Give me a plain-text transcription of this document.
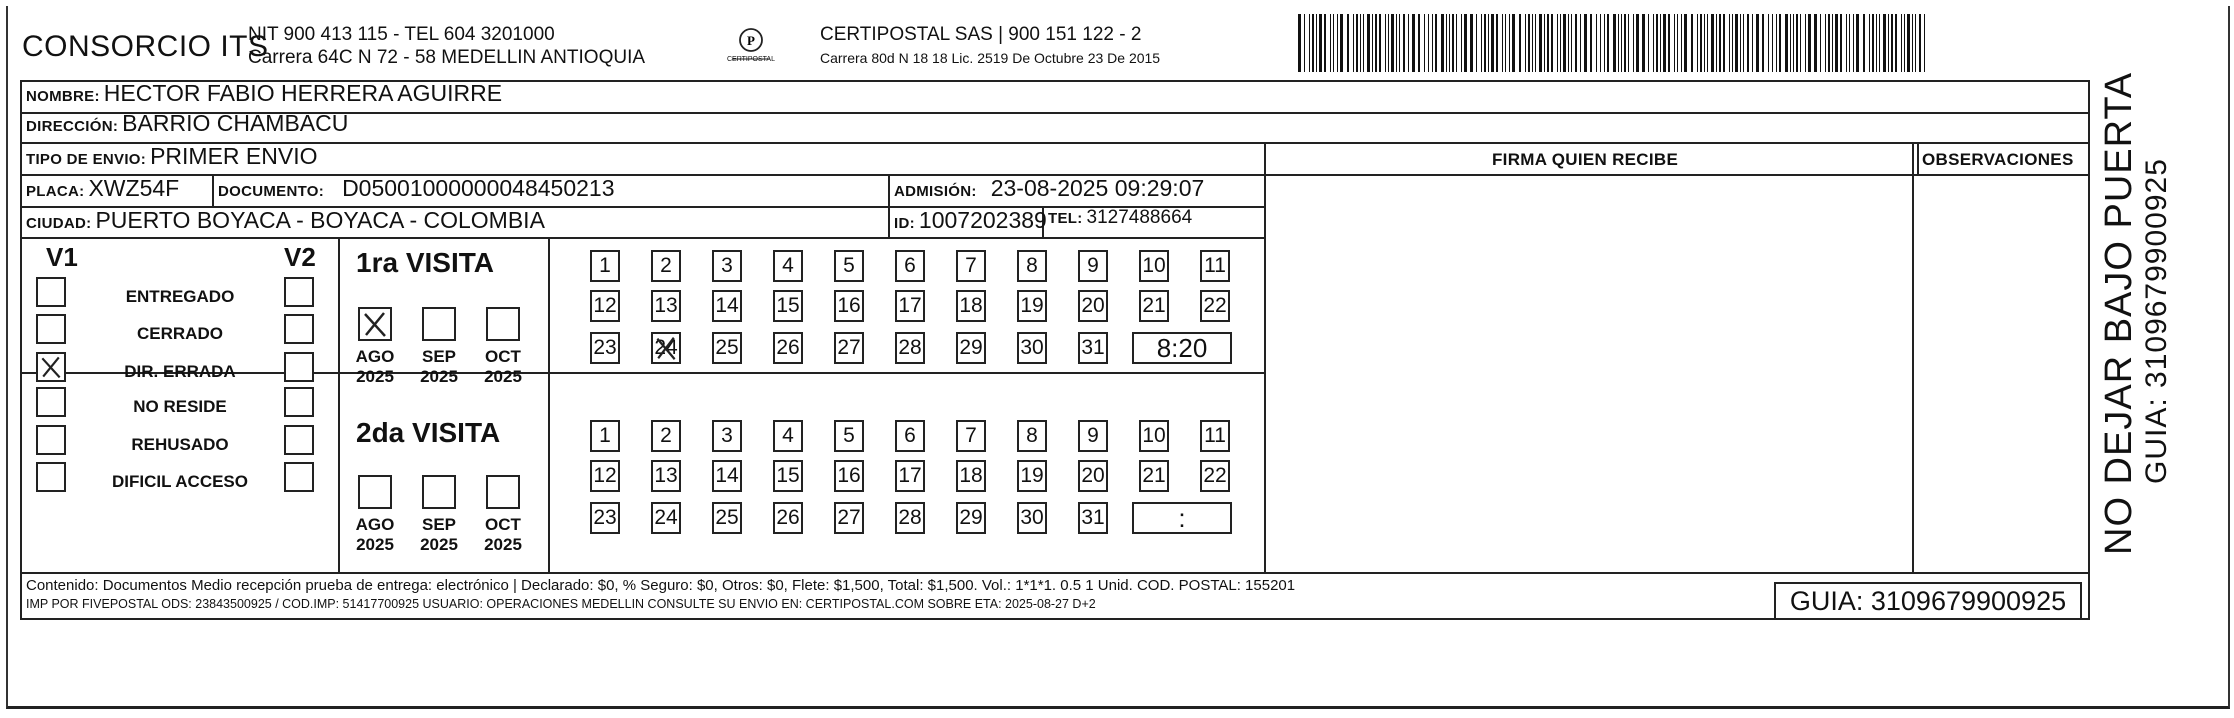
CONSORCIO ITS
NIT 900 413 115 - TEL 604 3201000
Carrera 64C N 72 - 58 MEDELLIN ANTIOQUIA
P
CERTIPOSTAL
CERTIPOSTAL SAS | 900 151 122 - 2
Carrera 80d N 18 18 Lic. 2519 De Octubre 23 De 2015
NOMBRE: HECTOR FABIO HERRERA AGUIRRE
DIRECCIÓN: BARRIO CHAMBACU
TIPO DE ENVIO: PRIMER ENVIO	FIRMA QUIEN RECIBE	OBSERVACIONES
PLACA: XWZ54F	DOCUMENTO: D05001000000048450213	ADMISIÓN: 23-08-2025 09:29:07
CIUDAD: PUERTO BOYACA - BOYACA - COLOMBIA	ID: 1007202389 TEL: 3127488664
V1	V2
ENTREGADO
CERRADO
DIR. ERRADA
NO RESIDE
REHUSADO
DIFICIL ACCESO
1ra VISITA
2da VISITA
AGO
2025
SEP
2025
OCT
2025
AGO
2025
SEP
2025
OCT
2025
1	2	3	4	5	6	7	8	9	10 11
12 13 14 15 16 17 18 19 20 21 22
23 24 25 26 27 28 29 30 31	8:20
1	2	3	4	5	6	7	8	9	10 11
12 13 14 15 16 17 18 19 20 21 22
23 24 25 26 27 28 29 30 31	:
Contenido: Documentos Medio recepción prueba de entrega: electrónico | Declarado: $0, % Seguro: $0, Otros: $0, Flete: $1,500, Total: $1,500. Vol.: 1*1*1. 0.5 1 Unid. COD. POSTAL: 155201
IMP POR FIVEPOSTAL ODS: 23843500925 / COD.IMP: 51417700925 USUARIO: OPERACIONES MEDELLIN CONSULTE SU ENVIO EN: CERTIPOSTAL.COM SOBRE ETA: 2025-08-27 D+2	GUIA: 3109679900925
NO DEJAR BAJO PUERTA GUIA: 3109679900925
